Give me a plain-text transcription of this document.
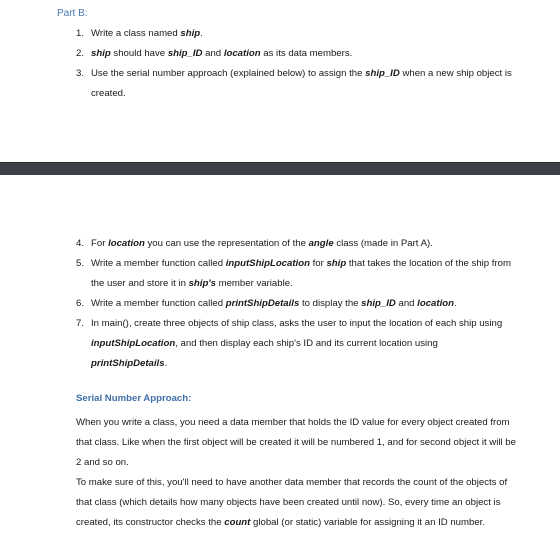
Part B:
1. Write a class named ship.
2. ship should have ship_ID and location as its data members.
3. Use the serial number approach (explained below) to assign the ship_ID when a new ship object is created.
4. For location you can use the representation of the angle class (made in Part A).
5. Write a member function called inputShipLocation for ship that takes the location of the ship from the user and store it in ship's member variable.
6. Write a member function called printShipDetails to display the ship_ID and location.
7. In main(), create three objects of ship class, asks the user to input the location of each ship using inputShipLocation, and then display each ship's ID and its current location using printShipDetails.
Serial Number Approach:

When you write a class, you need a data member that holds the ID value for every object created from that class. Like when the first object will be created it will be numbered 1, and for second object it will be 2 and so on.

To make sure of this, you'll need to have another data member that records the count of the objects of that class (which details how many objects have been created until now). So, every time an object is created, its constructor checks the count global (or static) variable for assigning it an ID number.
